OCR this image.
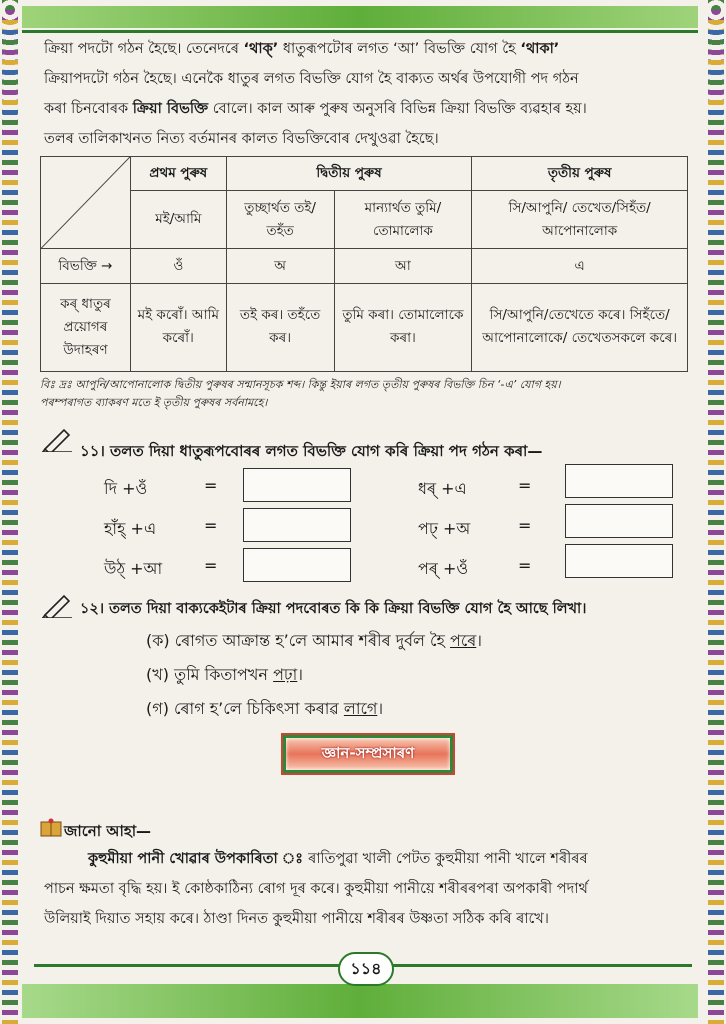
ক্ৰিয়া পদটো গঠন হৈছে। তেনেদৰে ‘থাক্’ ধাতুৰূপটোৰ লগত ‘আ’ বিভক্তি যোগ হৈ ‘থাকা’
ক্ৰিয়াপদটো গঠন হৈছে। এনেকৈ ধাতুৰ লগত বিভক্তি যোগ হৈ বাক্যত অৰ্থৰ উপযোগী পদ গঠন
কৰা চিনবোৰক ক্ৰিয়া বিভক্তি বোলে। কাল আৰু পুৰুষ অনুসৰি বিভিন্ন ক্ৰিয়া বিভক্তি ব্যৱহাৰ হয়।
তলৰ তালিকাখনত নিত্য বৰ্তমানৰ কালত বিভক্তিবোৰ দেখুওৱা হৈছে।
	প্ৰথম পুৰুষ	দ্বিতীয় পুৰুষ		তৃতীয় পুৰুষ
	মই/আমি	তুচ্ছাৰ্থত তই/ তহঁত	মান্যাৰ্থত তুমি/ তোমালোক	সি/আপুনি/ তেখেত/সিহঁত/আপোনালোক
বিভক্তি →	ওঁ	অ	আ	এ
কৰ্ ধাতুৰ প্ৰয়োগৰ উদাহৰণ	মই কৰোঁ। আমি কৰোঁ।	তই কৰ। তহঁতে কৰ।	তুমি কৰা। তোমালোকে কৰা।	সি/আপুনি/তেখেতে কৰে। সিহঁতে/আপোনালোকে/ তেখেতসকলে কৰে।
বিঃ দ্ৰঃ আপুনি/আপোনালোক দ্বিতীয় পুৰুষৰ সন্মানসূচক শব্দ। কিন্তু ইয়াৰ লগত তৃতীয় পুৰুষৰ বিভক্তি চিন ‘-এ’ যোগ হয়।
পৰম্পৰাগত ব্যাকৰণ মতে ই তৃতীয় পুৰুষৰ সৰ্বনামহে।
১১। তলত দিয়া ধাতুৰূপবোৰৰ লগত বিভক্তি যোগ কৰি ক্ৰিয়া পদ গঠন কৰা—
দি +ওঁ	=
হাঁহ্ +এ	=
উঠ্ +আ	=
ধৰ্ +এ	=
পঢ্ +অ	=
পৰ্ +ওঁ	=
১২। তলত দিয়া বাক্যকেইটাৰ ক্ৰিয়া পদবোৰত কি কি ক্ৰিয়া বিভক্তি যোগ হৈ আছে লিখা।
(ক) ৰোগত আক্ৰান্ত হ’লে আমাৰ শৰীৰ দুৰ্বল হৈ পৰে।
(খ) তুমি কিতাপখন পঢ়া।
(গ) ৰোগ হ’লে চিকিৎসা কৰাৱ লাগে।
জ্ঞান-সম্প্ৰসাৰণ
জানো আহা—
কুহুমীয়া পানী খোৱাৰ উপকাৰিতা ঃ ৰাতিপুৱা খালী পেটত কুহুমীয়া পানী খালে শৰীৰৰ
পাচন ক্ষমতা বৃদ্ধি হয়। ই কোষ্ঠকাঠিন্য ৰোগ দূৰ কৰে। কুহুমীয়া পানীয়ে শৰীৰৰপৰা অপকাৰী পদাৰ্থ
উলিয়াই দিয়াত সহায় কৰে। ঠাণ্ডা দিনত কুহুমীয়া পানীয়ে শৰীৰৰ উষ্ণতা সঠিক কৰি ৰাখে।
১১৪
